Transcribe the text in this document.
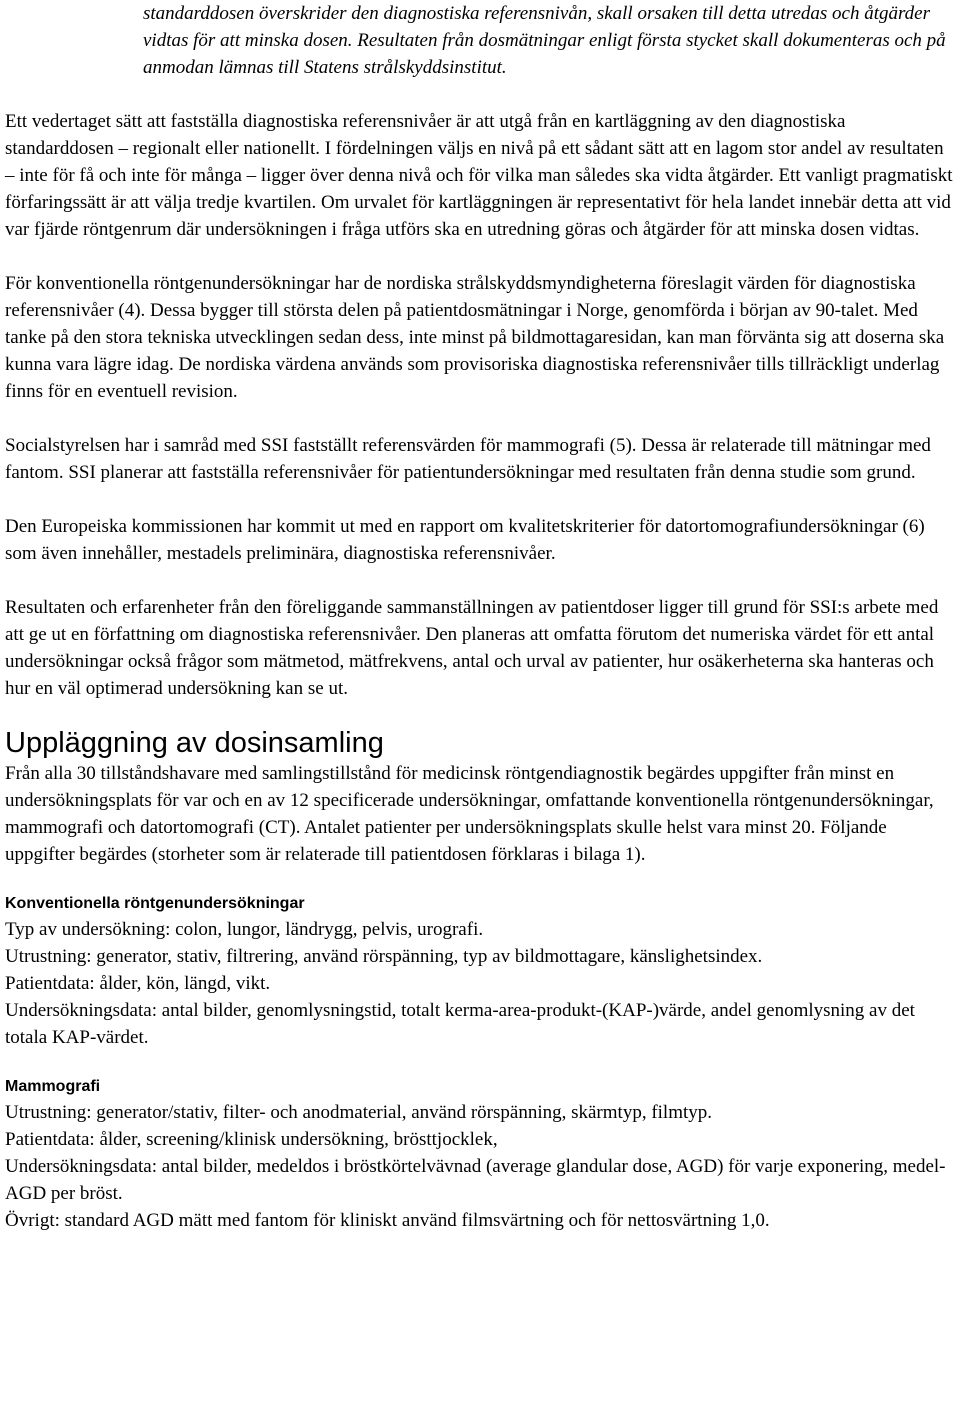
standarddosen överskrider den diagnostiska referensnivån, skall orsaken till detta utredas och åtgärder vidtas för att minska dosen. Resultaten från dosmätningar enligt första stycket skall dokumenteras och på anmodan lämnas till Statens strålskyddsinstitut.

Ett vedertaget sätt att fastställa diagnostiska referensnivåer är att utgå från en kartläggning av den diagnostiska standarddosen – regionalt eller nationellt. I fördelningen väljs en nivå på ett sådant sätt att en lagom stor andel av resultaten – inte för få och inte för många – ligger över denna nivå och för vilka man således ska vidta åtgärder. Ett vanligt pragmatiskt förfaringssätt är att välja tredje kvartilen. Om urvalet för kartläggningen är representativt för hela landet innebär detta att vid var fjärde röntgenrum där undersökningen i fråga utförs ska en utredning göras och åtgärder för att minska dosen vidtas.

För konventionella röntgenundersökningar har de nordiska strålskyddsmyndigheterna föreslagit värden för diagnostiska referensnivåer (4). Dessa bygger till största delen på patientdosmätningar i Norge, genomförda i början av 90-talet. Med tanke på den stora tekniska utvecklingen sedan dess, inte minst på bildmottagaresidan, kan man förvänta sig att doserna ska kunna vara lägre idag. De nordiska värdena används som provisoriska diagnostiska referensnivåer tills tillräckligt underlag finns för en eventuell revision.

Socialstyrelsen har i samråd med SSI fastställt referensvärden för mammografi (5). Dessa är relaterade till mätningar med fantom. SSI planerar att fastställa referensnivåer för patientundersökningar med resultaten från denna studie som grund.

Den Europeiska kommissionen har kommit ut med en rapport om kvalitetskriterier för datortomografiundersökningar (6) som även innehåller, mestadels preliminära, diagnostiska referensnivåer.

Resultaten och erfarenheter från den föreliggande sammanställningen av patientdoser ligger till grund för SSI:s arbete med att ge ut en författning om diagnostiska referensnivåer. Den planeras att omfatta förutom det numeriska värdet för ett antal undersökningar också frågor som mätmetod, mätfrekvens, antal och urval av patienter, hur osäkerheterna ska hanteras och hur en väl optimerad undersökning kan se ut.

Uppläggning av dosinsamling

Från alla 30 tillståndshavare med samlingstillstånd för medicinsk röntgendiagnostik begärdes uppgifter från minst en undersökningsplats för var och en av 12 specificerade undersökningar, omfattande konventionella röntgenundersökningar, mammografi och datortomografi (CT). Antalet patienter per undersökningsplats skulle helst vara minst 20. Följande uppgifter begärdes (storheter som är relaterade till patientdosen förklaras i bilaga 1).

Konventionella röntgenundersökningar

Typ av undersökning: colon, lungor, ländrygg, pelvis, urografi.

Utrustning: generator, stativ, filtrering, använd rörspänning, typ av bildmottagare, känslighetsindex.

Patientdata: ålder, kön, längd, vikt.

Undersökningsdata: antal bilder, genomlysningstid, totalt kerma-area-produkt-(KAP-)värde, andel genomlysning av det totala KAP-värdet.

Mammografi

Utrustning: generator/stativ, filter- och anodmaterial, använd rörspänning, skärmtyp, filmtyp.

Patientdata: ålder, screening/klinisk undersökning, brösttjocklek,

Undersökningsdata: antal bilder, medeldos i bröstkörtelvävnad (average glandular dose, AGD) för varje exponering, medel-AGD per bröst.

Övrigt: standard AGD mätt med fantom för kliniskt använd filmsvärtning och för nettosvärtning 1,0.
